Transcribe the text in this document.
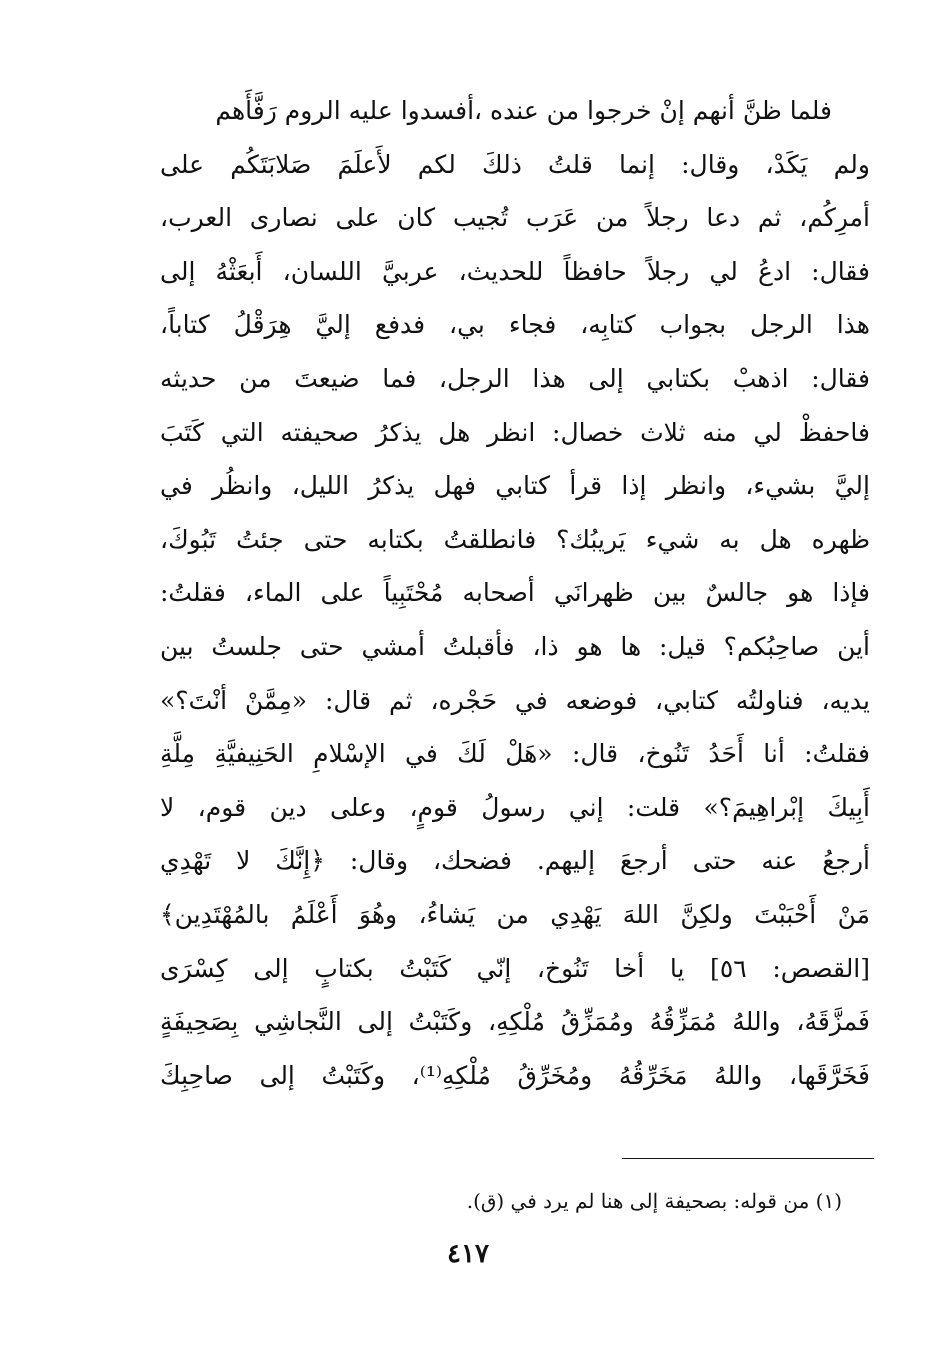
فلما ظنَّ أنهم إنْ خرجوا من عنده ،أفسدوا عليه الروم رَفَّأَهم
ولم يَكَدْ، وقال: إنما قلتُ ذلكَ لكم لأَعلَمَ صَلابَتَكُم على
أمرِكُم، ثم دعا رجلاً من عَرَب تُجيب كان على نصارى العرب،
فقال: ادعُ لي رجلاً حافظاً للحديث، عربيَّ اللسان، أَبعَثْهُ إلى
هذا الرجل بجواب كتابِه، فجاء بي، فدفع إليَّ هِرَقْلُ كتاباً،
فقال: اذهبْ بكتابي إلى هذا الرجل، فما ضيعتَ من حديثه
فاحفظْ لي منه ثلاث خصال: انظر هل يذكرُ صحيفته التي كَتَبَ
إليَّ بشيء، وانظر إذا قرأ كتابي فهل يذكرُ الليل، وانظُر في
ظهره هل به شيء يَريبُك؟ فانطلقتُ بكتابه حتى جئتُ تَبُوكَ،
فإذا هو جالسٌ بين ظهرانَي أصحابه مُحْتَبِياً على الماء، فقلتُ:
أين صاحِبُكم؟ قيل: ها هو ذا، فأقبلتُ أمشي حتى جلستُ بين
يديه، فناولتُه كتابي، فوضعه في حَجْره، ثم قال: «مِمَّنْ أنْتَ؟»
فقلتُ: أنا أَحَدُ تَنُوخ، قال: «هَلْ لَكَ في الإسْلامِ الحَنِيفيَّةِ مِلَّةِ
أَبِيكَ إبْراهِيمَ؟» قلت: إني رسولُ قومٍ، وعلى دين قوم، لا
أرجعُ عنه حتى أرجعَ إليهم. فضحك، وقال: ﴿إِنَّكَ لا تَهْدِي
مَنْ أَحْبَبْتَ ولكِنَّ اللهَ يَهْدِي من يَشاءُ، وهُوَ أَعْلَمُ بالمُهْتَدِين﴾
[القصص: ٥٦] يا أخا تَنُوخ، إنّي كَتَبْتُ بكتابٍ إلى كِسْرَى
فَمزَّقَهُ، واللهُ مُمَزِّقُهُ ومُمَزِّقُ مُلْكِهِ، وكَتَبْتُ إلى النَّجاشِي بِصَحِيفَةٍ
فَخَرَّقَها، واللهُ مَخَرِّقُهُ ومُخَرِّقُ مُلْكِهِ⁽¹⁾، وكَتَبْتُ إلى صاحِبِكَ
(١) من قوله: بصحيفة إلى هنا لم يرد في (ق).
٤١٧
